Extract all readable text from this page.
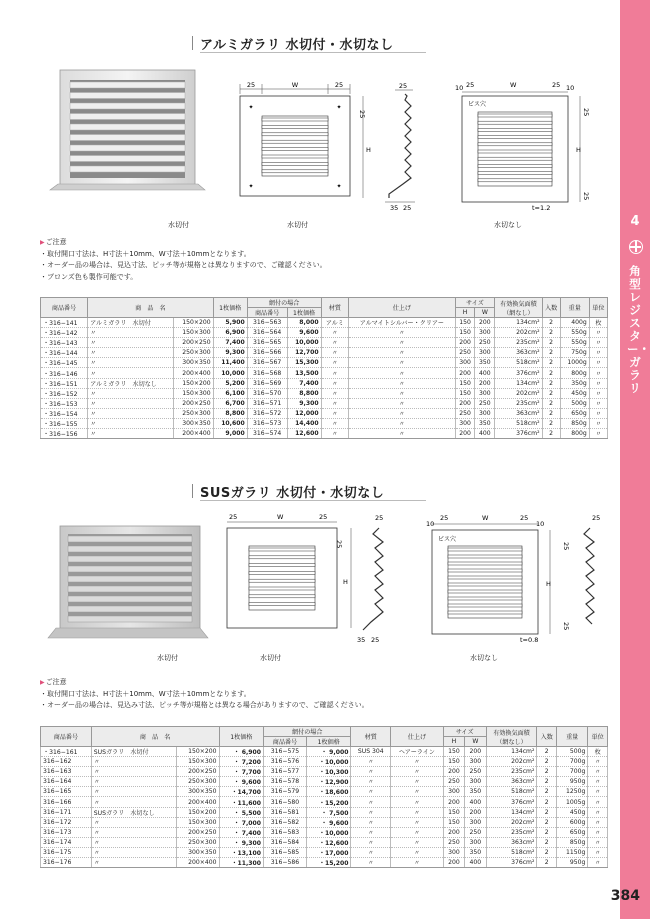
4
角型レジスター・ガラリ
アルミガラリ 水切付・水切なし
25	W	25
✦	✦
✦	✦
25
25
H
35 25
10 25	W	25 10
ビス穴
H
25
25
t=1.2
水切付	水切付	水切なし
▶ ご注意
・取付開口寸法は、H寸法＋10mm、W寸法＋10mmとなります。
・オーダー品の場合は、見込寸法、ピッチ等が規格とは異なりますので、ご確認ください。
・ブロンズ色も製作可能です。
商品番号	商　品　名		1枚価格	網付の場合		材質	仕上げ	サイズ		有効換気面積
（網なし）	入数	重量	単位
				商品番号	1枚価格			H	W				
・316−141	アルミガラリ　水切付	150×200	5,900	316−563	8,000	アルミ	アルマイトシルバー・クリアー	150	200	134cm²	2	400g	枚
・316−142	〃	150×300	6,900	316−564	9,600	〃	〃	150	300	202cm²	2	550g	〃
・316−143	〃	200×250	7,400	316−565	10,000	〃	〃	200	250	235cm²	2	550g	〃
・316−144	〃	250×300	9,300	316−566	12,700	〃	〃	250	300	363cm²	2	750g	〃
・316−145	〃	300×350	11,400	316−567	15,300	〃	〃	300	350	518cm²	2	1000g	〃
・316−146	〃	200×400	10,000	316−568	13,500	〃	〃	200	400	376cm²	2	800g	〃
・316−151	アルミガラリ　水切なし	150×200	5,200	316−569	7,400	〃	〃	150	200	134cm²	2	350g	〃
・316−152	〃	150×300	6,100	316−570	8,800	〃	〃	150	300	202cm²	2	450g	〃
・316−153	〃	200×250	6,700	316−571	9,300	〃	〃	200	250	235cm²	2	500g	〃
・316−154	〃	250×300	8,800	316−572	12,000	〃	〃	250	300	363cm²	2	650g	〃
・316−155	〃	300×350	10,600	316−573	14,400	〃	〃	300	350	518cm²	2	850g	〃
・316−156	〃	200×400	9,000	316−574	12,600	〃	〃	200	400	376cm²	2	800g	〃
SUSガラリ 水切付・水切なし
25	W	25	25
25
H
35 25
10
25	W	25
10
ビス穴
H
25
25
25
t=0.8
水切付	水切付	水切なし
▶ ご注意
・取付開口寸法は、H寸法＋10mm、W寸法＋10mmとなります。
・オーダー品の場合は、見込み寸法、ピッチ等が規格とは異なる場合がありますので、ご確認ください。
商品番号	商　品　名		1枚価格	網付の場合		材質	仕上げ	サイズ		有効換気面積
（網なし）	入数	重量	単位
				商品番号	1枚価格			H	W				
・316−161	SUSガラリ　水切付	150×200	・ 6,900	316−575	・ 9,000	SUS 304	ヘアーライン	150	200	134cm²	2	500g	枚
316−162	〃	150×300	・ 7,200	316−576	・10,000	〃	〃	150	300	202cm²	2	700g	〃
316−163	〃	200×250	・ 7,700	316−577	・10,300	〃	〃	200	250	235cm²	2	700g	〃
316−164	〃	250×300	・ 9,600	316−578	・12,900	〃	〃	250	300	363cm²	2	950g	〃
316−165	〃	300×350	・14,700	316−579	・18,600	〃	〃	300	350	518cm²	2	1250g	〃
316−166	〃	200×400	・11,600	316−580	・15,200	〃	〃	200	400	376cm²	2	1005g	〃
316−171	SUSガラリ　水切なし	150×200	・ 5,500	316−581	・ 7,500	〃	〃	150	200	134cm²	2	450g	〃
316−172	〃	150×300	・ 7,000	316−582	・ 9,600	〃	〃	150	300	202cm²	2	600g	〃
316−173	〃	200×250	・ 7,400	316−583	・10,000	〃	〃	200	250	235cm²	2	650g	〃
316−174	〃	250×300	・ 9,300	316−584	・12,600	〃	〃	250	300	363cm²	2	850g	〃
316−175	〃	300×350	・13,100	316−585	・17,000	〃	〃	300	350	518cm²	2	1150g	〃
316−176	〃	200×400	・11,300	316−586	・15,200	〃	〃	200	400	376cm²	2	950g	〃
384
